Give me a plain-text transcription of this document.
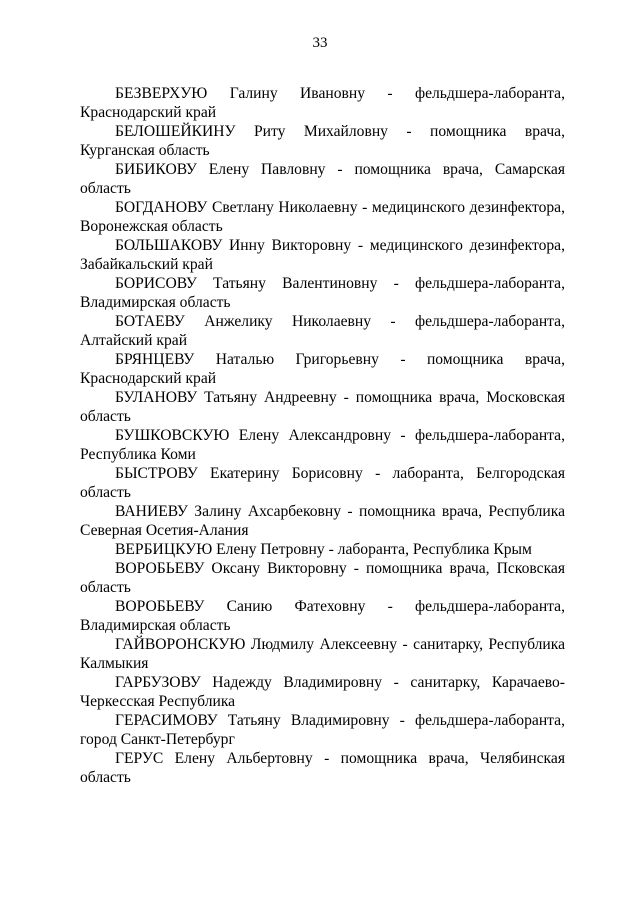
33

БЕЗВЕРХУЮ Галину Ивановну - фельдшера-лаборанта, Краснодарский край

БЕЛОШЕЙКИНУ Риту Михайловну - помощника врача, Курганская область

БИБИКОВУ Елену Павловну - помощника врача, Самарская область

БОГДАНОВУ Светлану Николаевну - медицинского дезинфектора, Воронежская область

БОЛЬШАКОВУ Инну Викторовну - медицинского дезинфектора, Забайкальский край

БОРИСОВУ Татьяну Валентиновну - фельдшера-лаборанта, Владимирская область

БОТАЕВУ Анжелику Николаевну - фельдшера-лаборанта, Алтайский край

БРЯНЦЕВУ Наталью Григорьевну - помощника врача, Краснодарский край

БУЛАНОВУ Татьяну Андреевну - помощника врача, Московская область

БУШКОВСКУЮ Елену Александровну - фельдшера-лаборанта, Республика Коми

БЫСТРОВУ Екатерину Борисовну - лаборанта, Белгородская область

ВАНИЕВУ Залину Ахсарбековну - помощника врача, Республика Северная Осетия-Алания

ВЕРБИЦКУЮ Елену Петровну - лаборанта, Республика Крым

ВОРОБЬЕВУ Оксану Викторовну - помощника врача, Псковская область

ВОРОБЬЕВУ Санию Фатеховну - фельдшера-лаборанта, Владимирская область

ГАЙВОРОНСКУЮ Людмилу Алексеевну - санитарку, Республика Калмыкия

ГАРБУЗОВУ Надежду Владимировну - санитарку, Карачаево-Черкесская Республика

ГЕРАСИМОВУ Татьяну Владимировну - фельдшера-лаборанта, город Санкт-Петербург

ГЕРУС Елену Альбертовну - помощника врача, Челябинская область
